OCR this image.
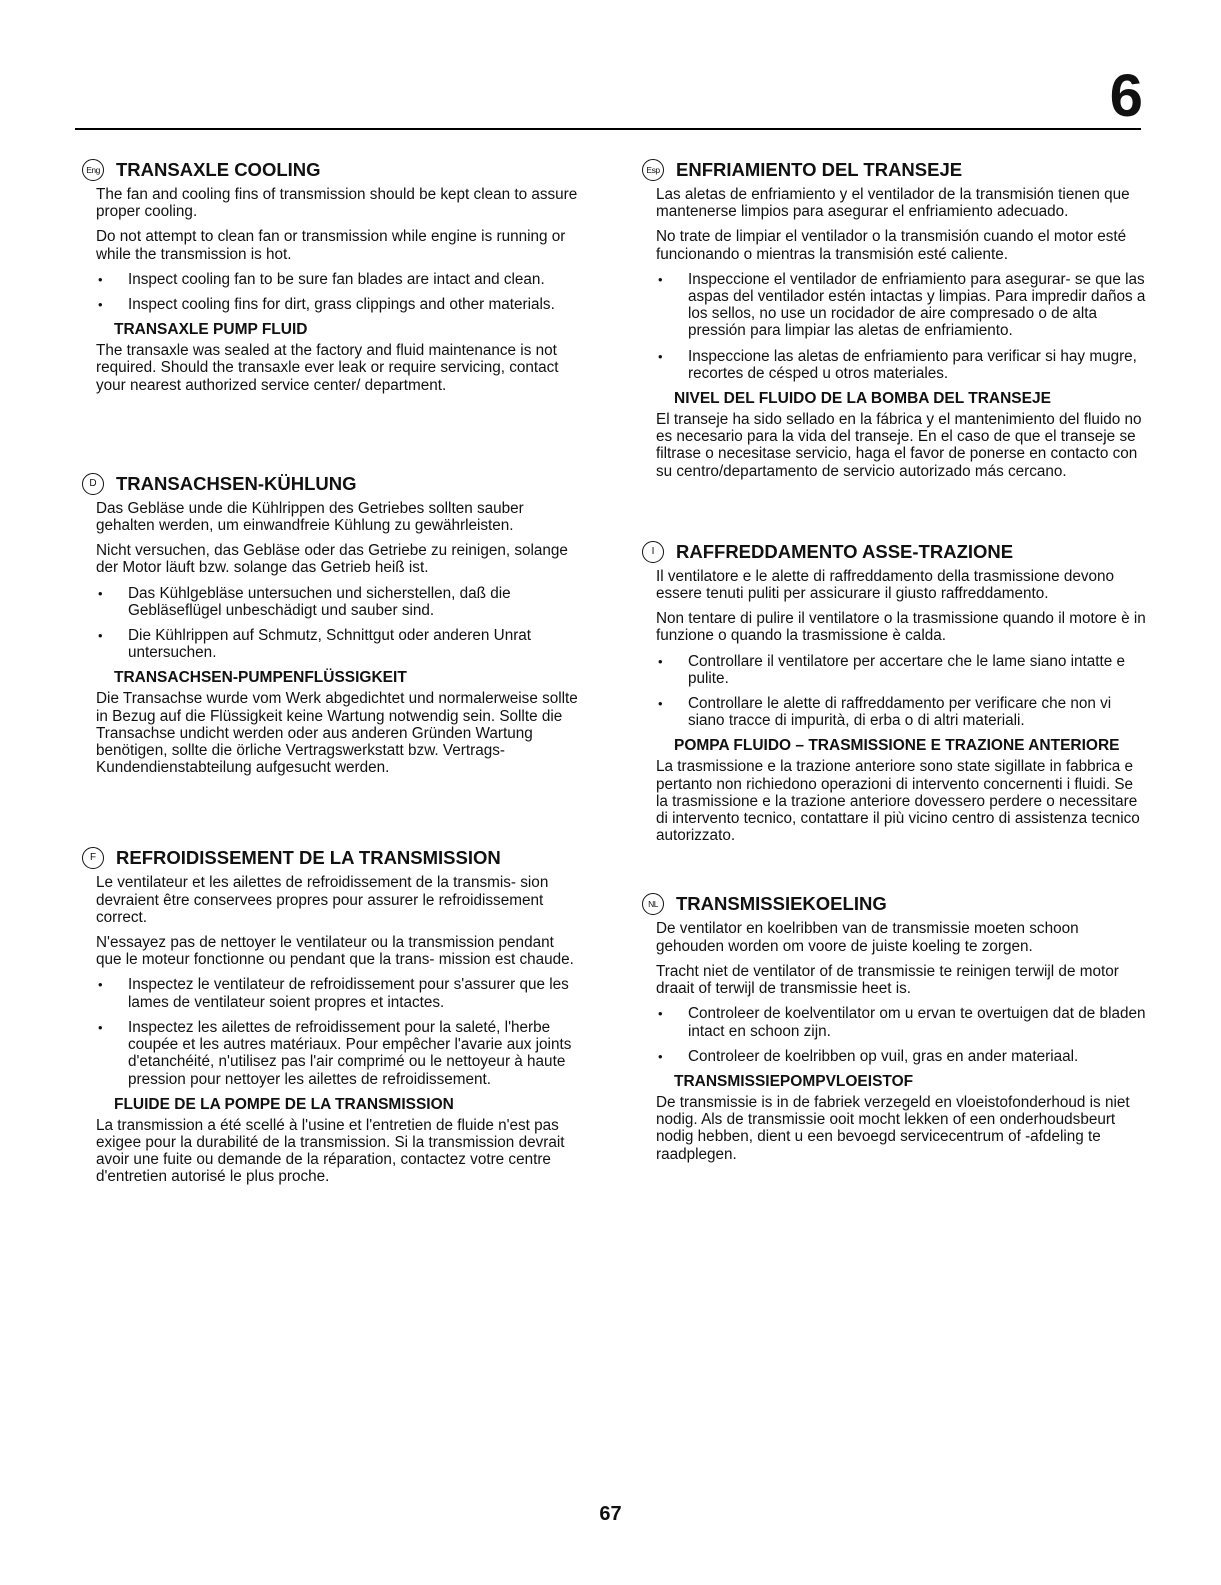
6
Eng TRANSAXLE COOLING

The fan and cooling fins of transmission should be kept clean to assure proper cooling.

Do not attempt to clean fan or transmission while engine is running or while the transmission is hot.

• Inspect cooling fan to be sure fan blades are intact and clean.
• Inspect cooling fins for dirt, grass clippings and other materials.
TRANSAXLE PUMP FLUID

The transaxle was sealed at the factory and fluid maintenance is not required. Should the transaxle ever leak or require servicing, contact your nearest authorized service center/ department.

D	TRANSACHSEN-KÜHLUNG

Das Gebläse unde die Kühlrippen des Getriebes sollten sauber gehalten werden, um einwandfreie Kühlung zu gewährleisten.

Nicht versuchen, das Gebläse oder das Getriebe zu reinigen, solange der Motor läuft bzw. solange das Getrieb heiß ist.

• Das Kühlgebläse untersuchen und sicherstellen, daß die Gebläseflügel unbeschädigt und sauber sind.
• Die Kühlrippen auf Schmutz, Schnittgut oder anderen Unrat untersuchen.
TRANSACHSEN-PUMPENFLÜSSIGKEIT

Die Transachse wurde vom Werk abgedichtet und normalerweise sollte in Bezug auf die Flüssigkeit keine Wartung notwendig sein. Sollte die Transachse undicht werden oder aus anderen Gründen Wartung benötigen, sollte die örliche Vertragswerkstatt bzw. Vertrags- Kundendienstabteilung aufgesucht werden.

F	REFROIDISSEMENT DE LA TRANSMISSION

Le ventilateur et les ailettes de refroidissement de la transmis- sion devraient être conservees propres pour assurer le refroidissement correct.

N'essayez pas de nettoyer le ventilateur ou la transmission pendant que le moteur fonctionne ou pendant que la trans- mission est chaude.

• Inspectez le ventilateur de refroidissement pour s'assurer que les lames de ventilateur soient propres et intactes.
• Inspectez les ailettes de refroidissement pour la saleté, l'herbe coupée et les autres matériaux. Pour empêcher l'avarie aux joints d'etanchéité, n'utilisez pas l'air comprimé ou le nettoyeur à haute pression pour nettoyer les ailettes de refroidissement.
FLUIDE DE LA POMPE DE LA TRANSMISSION

La transmission a été scellé à l'usine et l'entretien de fluide n'est pas exigee pour la durabilité de la transmission. Si la transmission devrait avoir une fuite ou demande de la réparation, contactez votre centre d'entretien autorisé le plus proche.

Esp ENFRIAMIENTO DEL TRANSEJE

Las aletas de enfriamiento y el ventilador de la transmisión tienen que mantenerse limpios para asegurar el enfriamiento adecuado.

No trate de limpiar el ventilador o la transmisión cuando el motor esté funcionando o mientras la transmisión esté caliente.

• Inspeccione el ventilador de enfriamiento para asegurar- se que las aspas del ventilador estén intactas y limpias. Para impredir daños a los sellos, no use un rocidador de aire compresado o de alta pressión para limpiar las aletas de enfriamiento.
• Inspeccione las aletas de enfriamiento para verificar si hay mugre, recortes de césped u otros materiales.
NIVEL DEL FLUIDO DE LA BOMBA DEL TRANSEJE

El transeje ha sido sellado en la fábrica y el mantenimiento del fluido no es necesario para la vida del transeje. En el caso de que el transeje se filtrase o necesitase servicio, haga el favor de ponerse en contacto con su centro/departamento de servicio autorizado más cercano.

I	RAFFREDDAMENTO ASSE-TRAZIONE

Il ventilatore e le alette di raffreddamento della trasmissione devono essere tenuti puliti per assicurare il giusto raffreddamento.

Non tentare di pulire il ventilatore o la trasmissione quando il motore è in funzione o quando la trasmissione è calda.

• Controllare il ventilatore per accertare che le lame siano intatte e pulite.
• Controllare le alette di raffreddamento per verificare che non vi siano tracce di impurità, di erba o di altri materiali.
POMPA FLUIDO – TRASMISSIONE E TRAZIONE ANTERIORE

La trasmissione e la trazione anteriore sono state sigillate in fabbrica e pertanto non richiedono operazioni di intervento concernenti i fluidi. Se la trasmissione e la trazione anteriore dovessero perdere o necessitare di intervento tecnico, contattare il più vicino centro di assistenza tecnico autorizzato.

NL TRANSMISSIEKOELING

De ventilator en koelribben van de transmissie moeten schoon gehouden worden om voore de juiste koeling te zorgen.

Tracht niet de ventilator of de transmissie te reinigen terwijl de motor draait of terwijl de transmissie heet is.

• Controleer de koelventilator om u ervan te overtuigen dat de bladen intact en schoon zijn.
• Controleer de koelribben op vuil, gras en ander materiaal.
TRANSMISSIEPOMPVLOEISTOF

De transmissie is in de fabriek verzegeld en vloeistofonderhoud is niet nodig. Als de transmissie ooit mocht lekken of een onderhoudsbeurt nodig hebben, dient u een bevoegd servicecentrum of -afdeling te raadplegen.

67
